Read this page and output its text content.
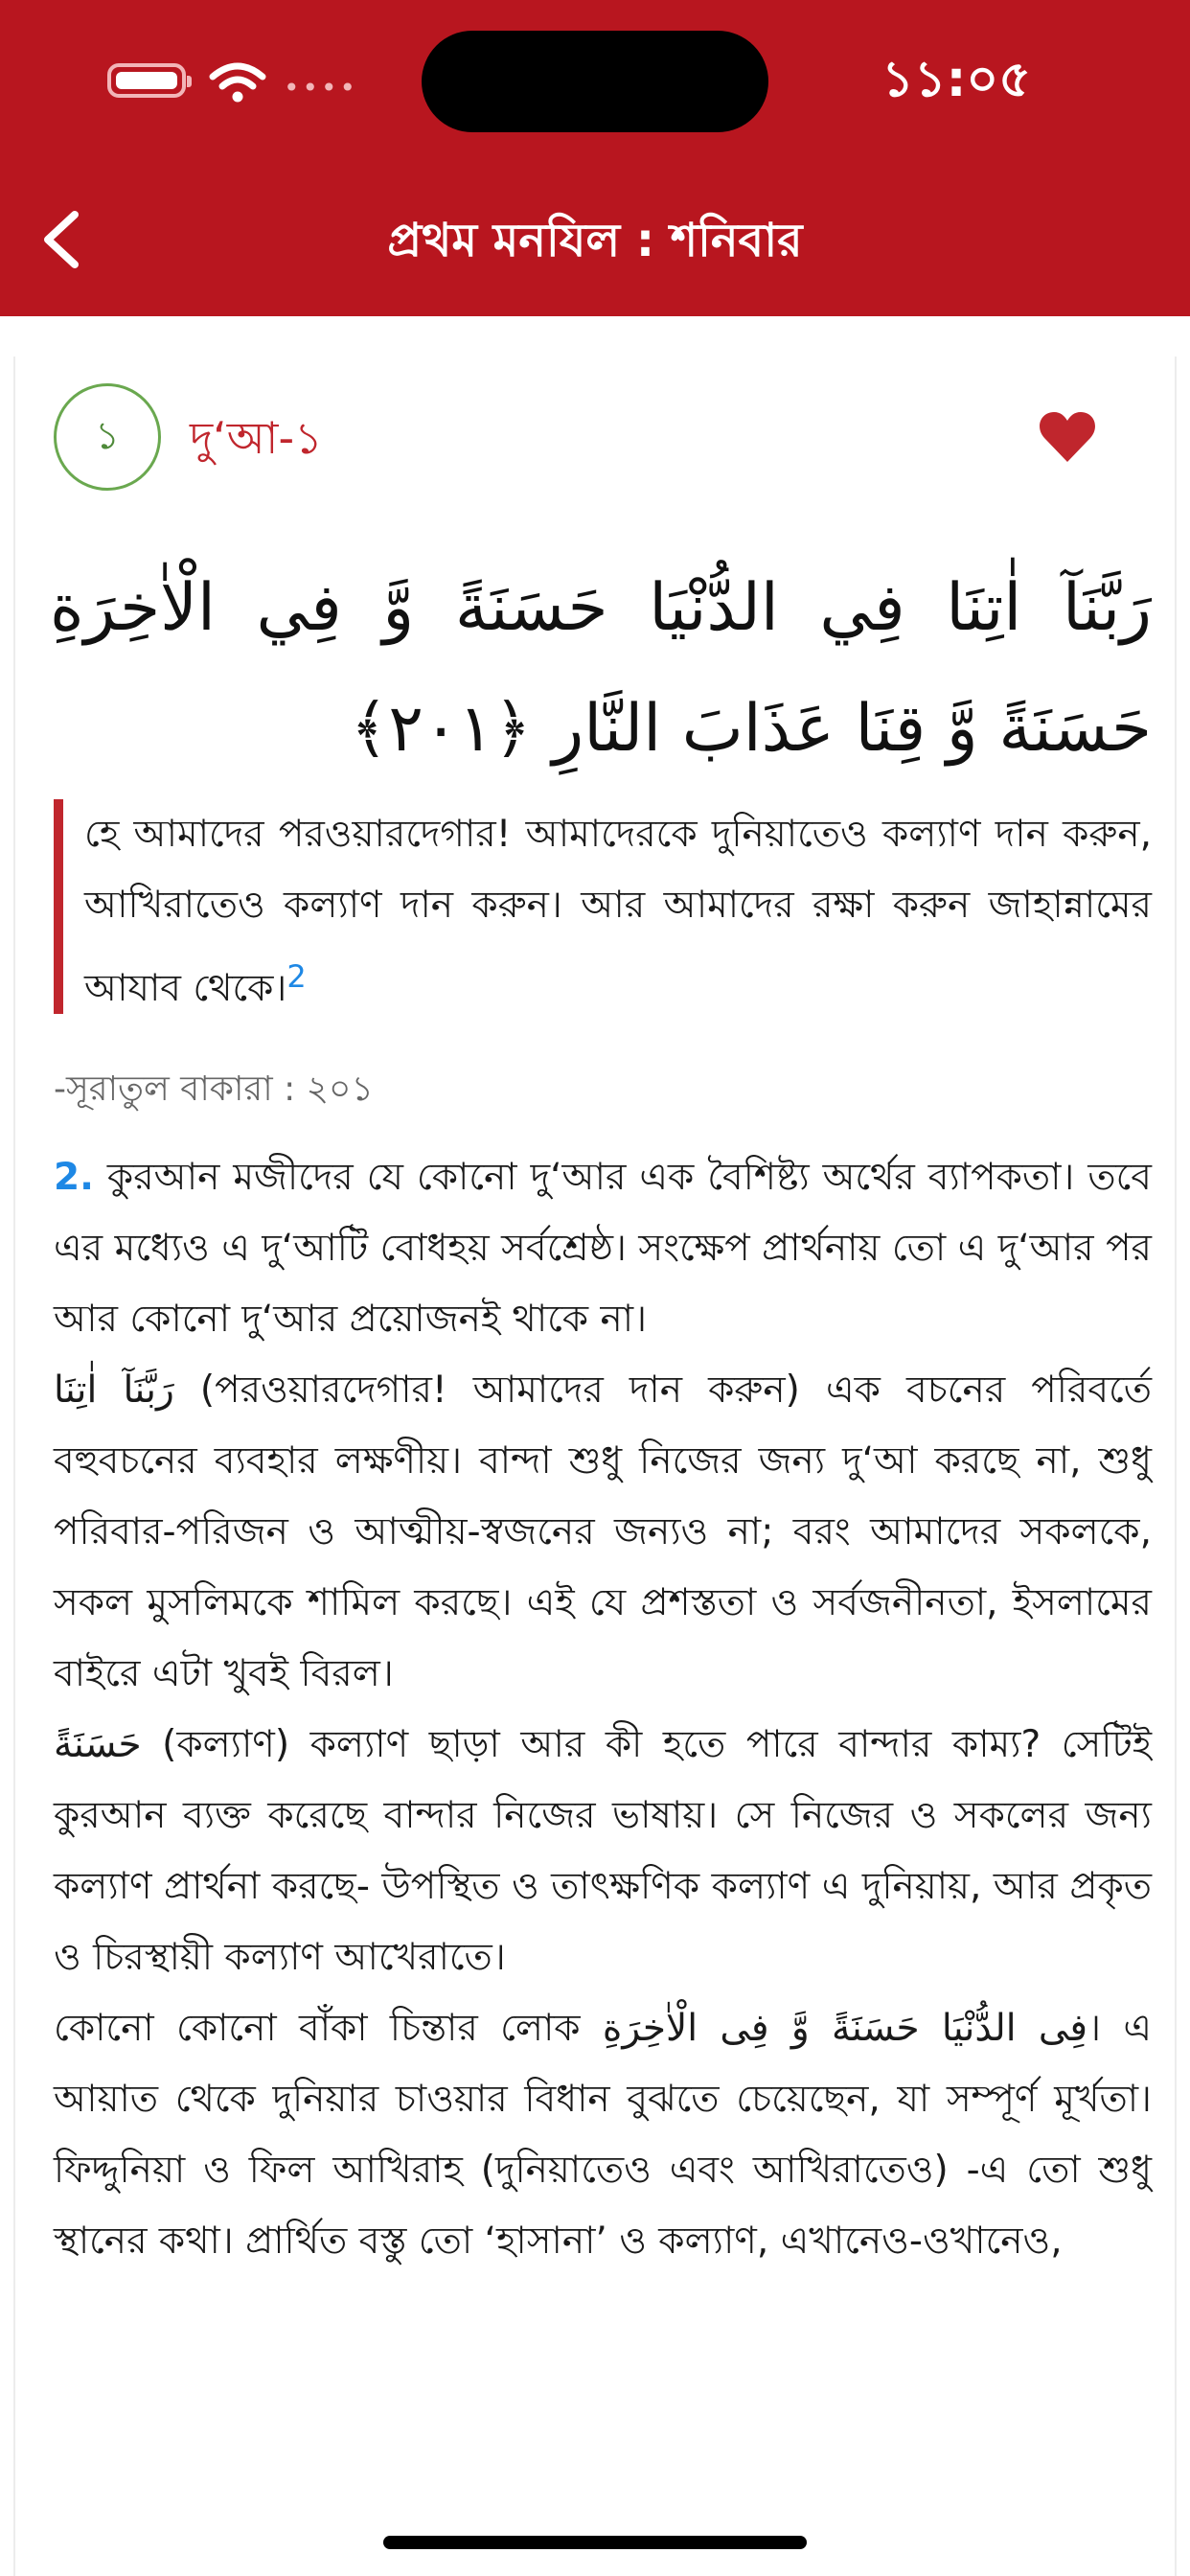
••••	১১:০৫
প্রথম মনযিল : শনিবার
১ দু‘আ-১
رَبَّنَآ اٰتِنَا فِي الدُّنْيَا حَسَنَةً وَّ فِي الْاٰخِرَةِ حَسَنَةً وَّ قِنَا عَذَابَ النَّارِ ﴿٢٠١﴾
হে আমাদের পরওয়ারদেগার! আমাদেরকে দুনিয়াতেও কল্যাণ দান করুন, আখিরাতেও কল্যাণ দান করুন। আর আমাদের রক্ষা করুন জাহান্নামের আযাব থেকে।$^2$
-সূরাতুল বাকারা : ২০১

2. কুরআন মজীদের যে কোনো দু‘আর এক বৈশিষ্ট্য অর্থের ব্যাপকতা। তবে এর মধ্যেও এ দু‘আটি বোধহয় সর্বশ্রেষ্ঠ। সংক্ষেপ প্রার্থনায় তো এ দু‘আর পর আর কোনো দু‘আর প্রয়োজনই থাকে না।

رَبَّنَآ اٰتِنَا (পরওয়ারদেগার! আমাদের দান করুন) এক বচনের পরিবর্তে বহুবচনের ব্যবহার লক্ষণীয়। বান্দা শুধু নিজের জন্য দু‘আ করছে না, শুধু পরিবার-পরিজন ও আত্মীয়-স্বজনের জন্যও না; বরং আমাদের সকলকে, সকল মুসলিমকে শামিল করছে। এই যে প্রশস্ততা ও সর্বজনীনতা, ইসলামের বাইরে এটা খুবই বিরল।

حَسَنَةً (কল্যাণ) কল্যাণ ছাড়া আর কী হতে পারে বান্দার কাম্য? সেটিই কুরআন ব্যক্ত করেছে বান্দার নিজের ভাষায়। সে নিজের ও সকলের জন্য কল্যাণ প্রার্থনা করছে- উপস্থিত ও তাৎক্ষণিক কল্যাণ এ দুনিয়ায়, আর প্রকৃত ও চিরস্থায়ী কল্যাণ আখেরাতে।

কোনো কোনো বাঁকা চিন্তার লোক فِى الدُّنْيَا حَسَنَةً وَّ فِى الْاٰخِرَةِ। এ আয়াত থেকে দুনিয়ার চাওয়ার বিধান বুঝতে চেয়েছেন, যা সম্পূর্ণ মূর্খতা। ফিদ্দুনিয়া ও ফিল আখিরাহ (দুনিয়াতেও এবং আখিরাতেও) -এ তো শুধু স্থানের কথা। প্রার্থিত বস্তু তো ‘হাসানা’ ও কল্যাণ, এখানেও-ওখানেও,
